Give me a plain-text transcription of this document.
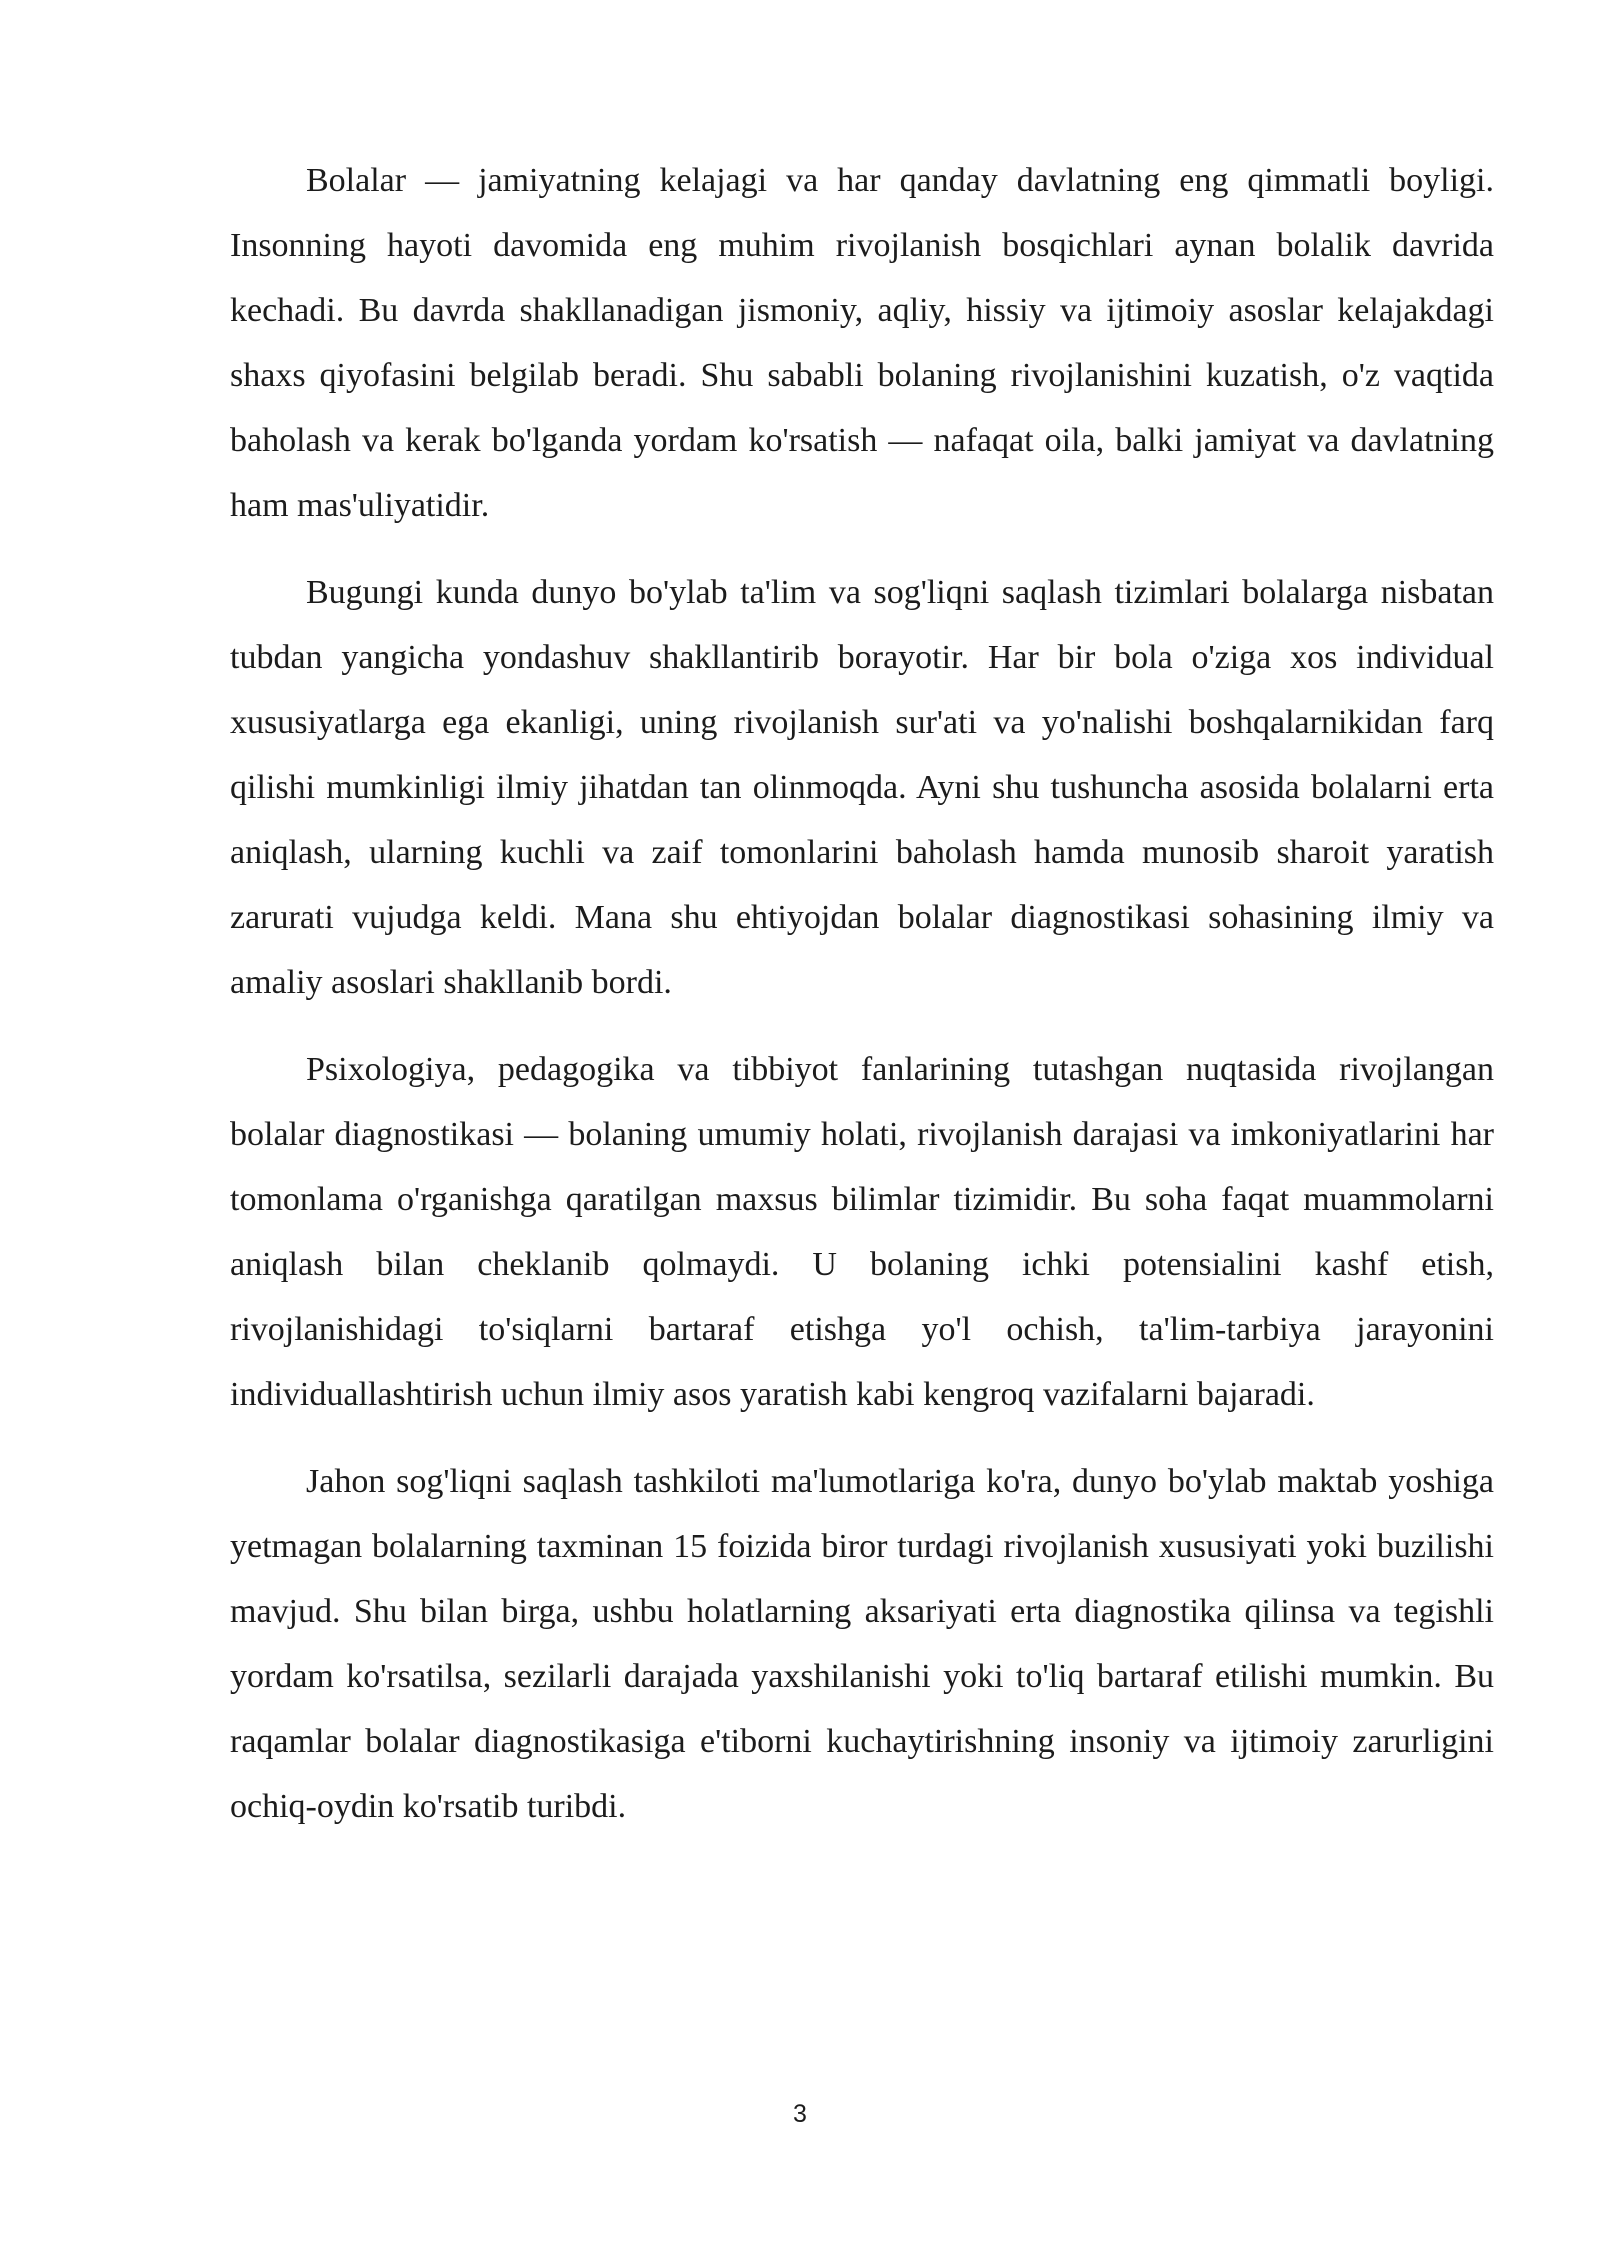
Bolalar — jamiyatning kelajagi va har qanday davlatning eng qimmatli boyligi. Insonning hayoti davomida eng muhim rivojlanish bosqichlari aynan bolalik davrida kechadi. Bu davrda shakllanadigan jismoniy, aqliy, hissiy va ijtimoiy asoslar kelajakdagi shaxs qiyofasini belgilab beradi. Shu sababli bolaning rivojlanishini kuzatish, o'z vaqtida baholash va kerak bo'lganda yordam ko'rsatish — nafaqat oila, balki jamiyat va davlatning ham mas'uliyatidir.

Bugungi kunda dunyo bo'ylab ta'lim va sog'liqni saqlash tizimlari bolalarga nisbatan tubdan yangicha yondashuv shakllantirib borayotir. Har bir bola o'ziga xos individual xususiyatlarga ega ekanligi, uning rivojlanish sur'ati va yo'nalishi boshqalarnikidan farq qilishi mumkinligi ilmiy jihatdan tan olinmoqda. Ayni shu tushuncha asosida bolalarni erta aniqlash, ularning kuchli va zaif tomonlarini baholash hamda munosib sharoit yaratish zarurati vujudga keldi. Mana shu ehtiyojdan bolalar diagnostikasi sohasining ilmiy va amaliy asoslari shakllanib bordi.

Psixologiya, pedagogika va tibbiyot fanlarining tutashgan nuqtasida rivojlangan bolalar diagnostikasi — bolaning umumiy holati, rivojlanish darajasi va imkoniyatlarini har tomonlama o'rganishga qaratilgan maxsus bilimlar tizimidir. Bu soha faqat muammolarni aniqlash bilan cheklanib qolmaydi. U bolaning ichki potensialini kashf etish, rivojlanishidagi to'siqlarni bartaraf etishga yo'l ochish, ta'lim-tarbiya jarayonini individuallashtirish uchun ilmiy asos yaratish kabi kengroq vazifalarni bajaradi.

Jahon sog'liqni saqlash tashkiloti ma'lumotlariga ko'ra, dunyo bo'ylab maktab yoshiga yetmagan bolalarning taxminan 15 foizida biror turdagi rivojlanish xususiyati yoki buzilishi mavjud. Shu bilan birga, ushbu holatlarning aksariyati erta diagnostika qilinsa va tegishli yordam ko'rsatilsa, sezilarli darajada yaxshilanishi yoki to'liq bartaraf etilishi mumkin. Bu raqamlar bolalar diagnostikasiga e'tiborni kuchaytirishning insoniy va ijtimoiy zarurligini ochiq-oydin ko'rsatib turibdi.

3
